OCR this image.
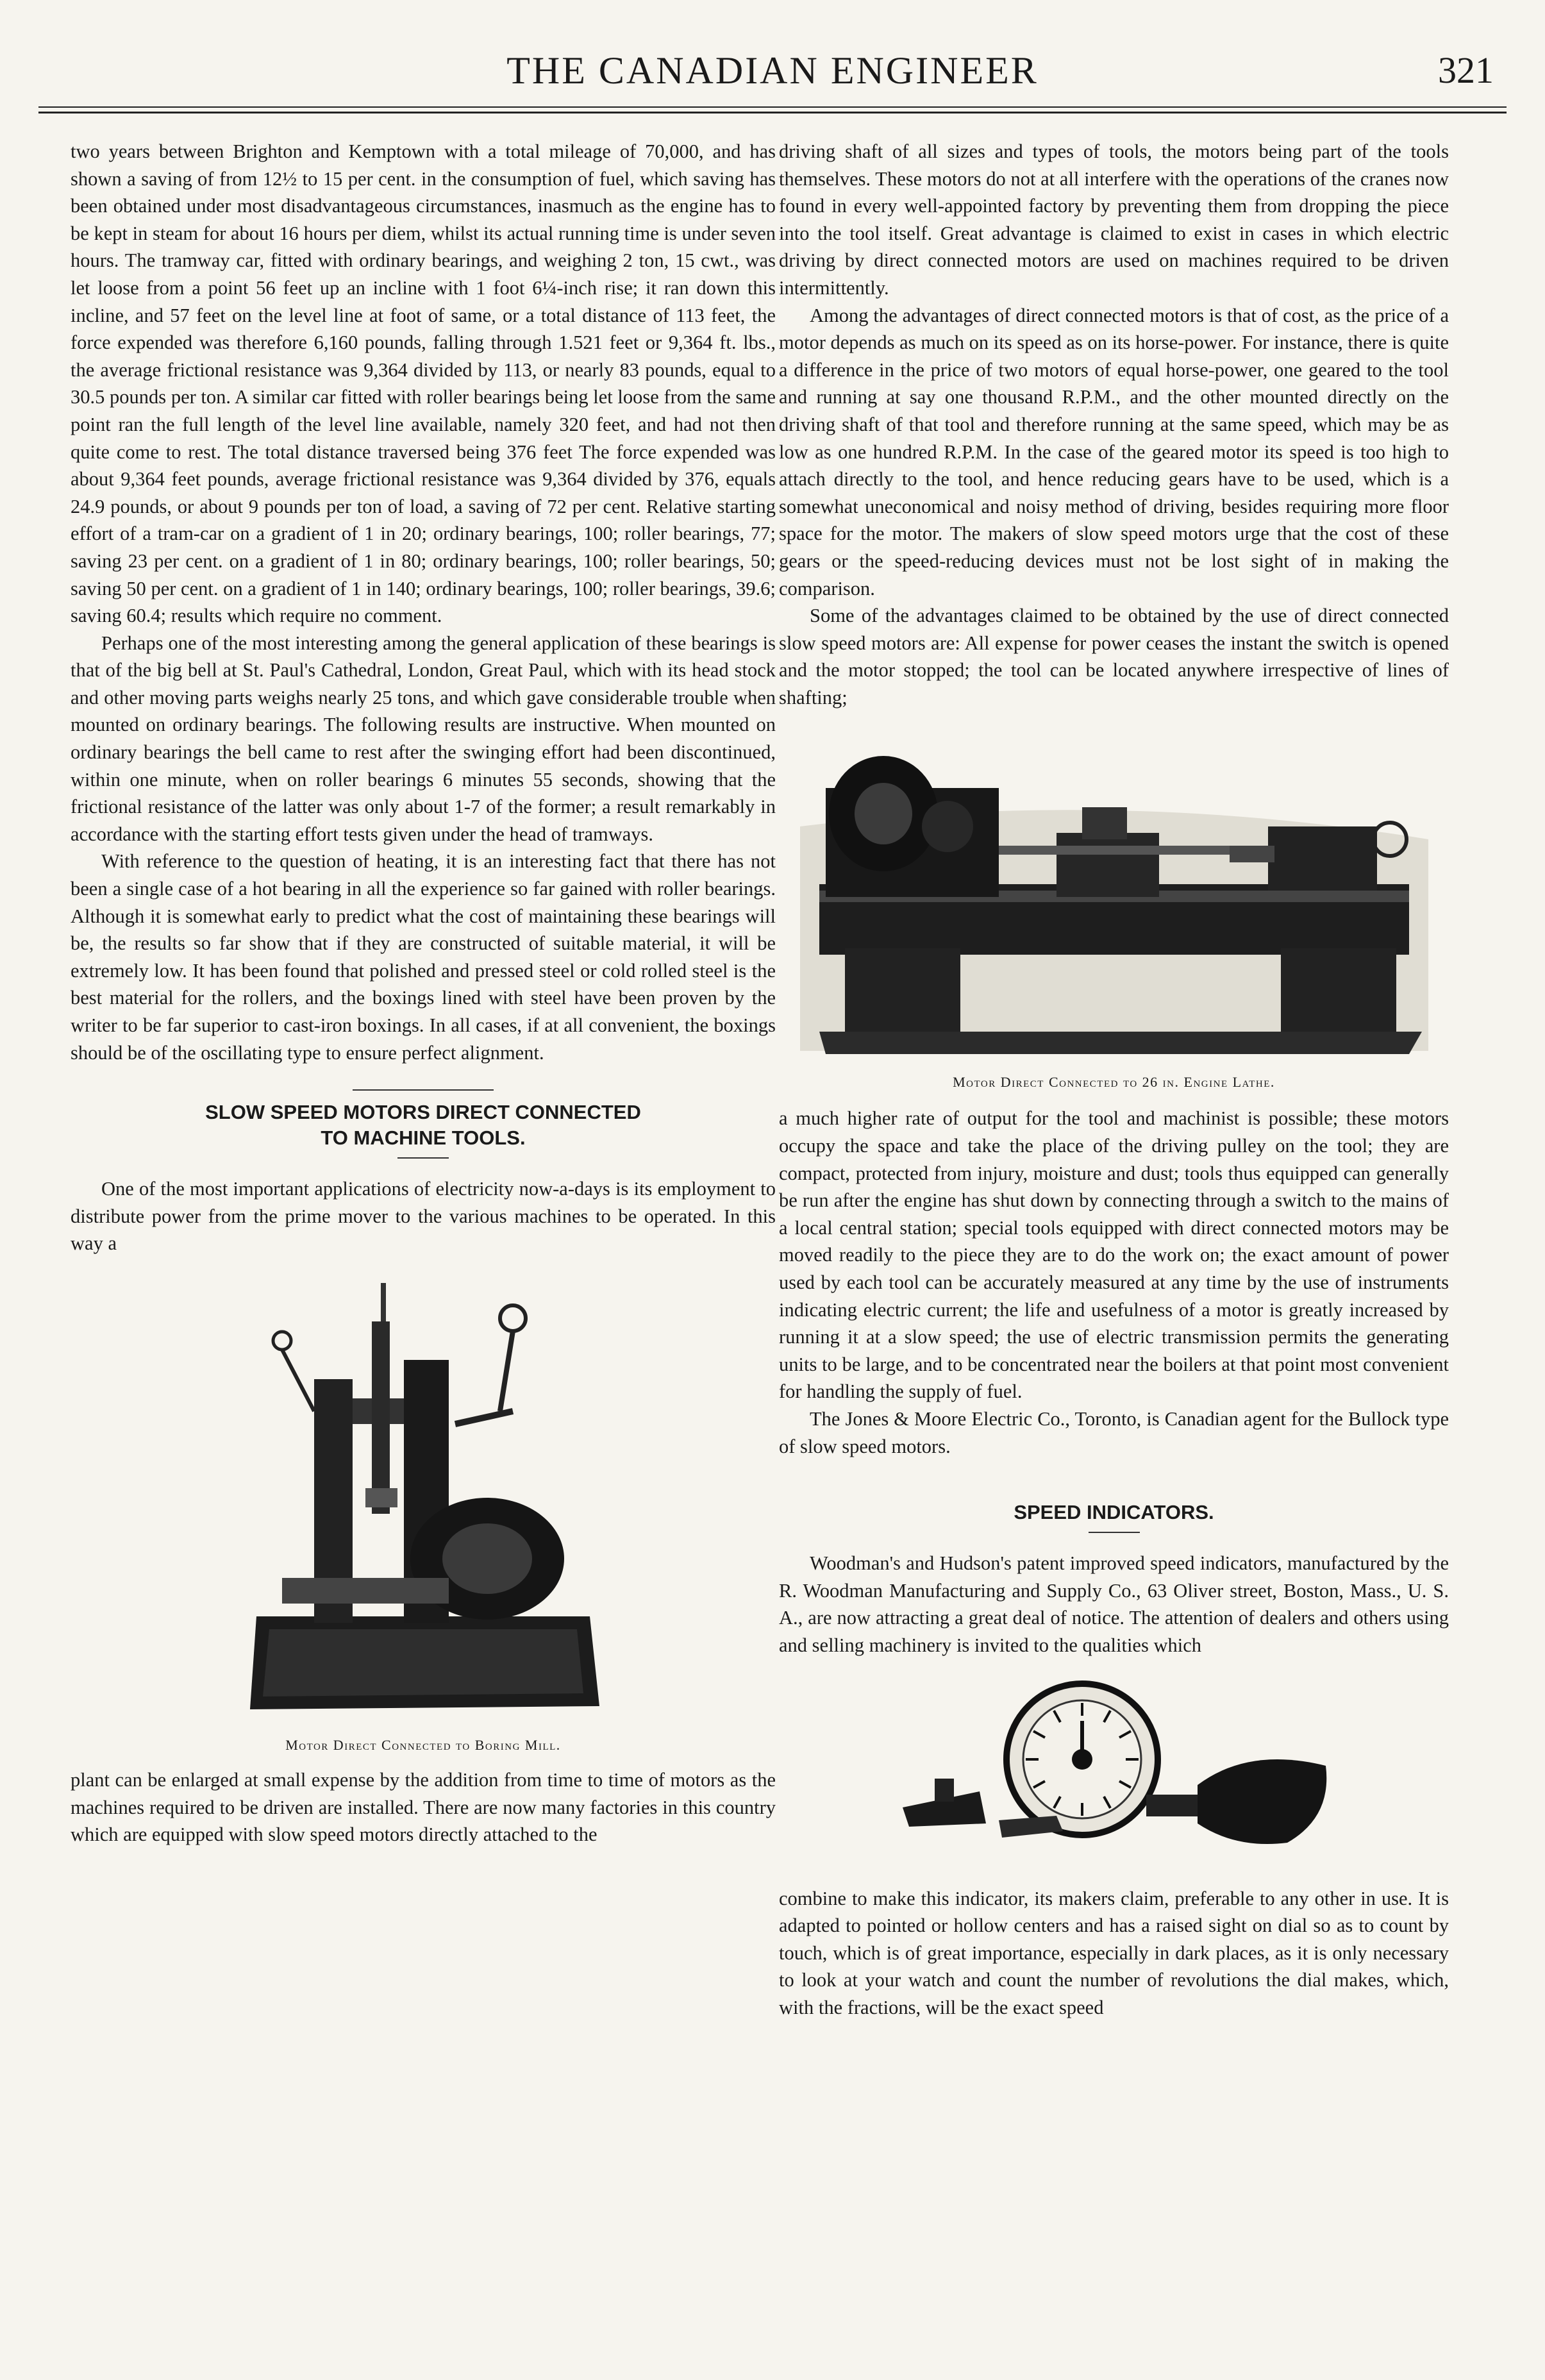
THE CANADIAN ENGINEER	321

two years between Brighton and Kemptown with a total mileage of 70,000, and has shown a saving of from 12½ to 15 per cent. in the consumption of fuel, which saving has been obtained under most disadvantageous circumstances, inasmuch as the engine has to be kept in steam for about 16 hours per diem, whilst its actual running time is under seven hours. The tramway car, fitted with ordinary bearings, and weighing 2 ton, 15 cwt., was let loose from a point 56 feet up an incline with 1 foot 6¼-inch rise; it ran down this incline, and 57 feet on the level line at foot of same, or a total distance of 113 feet, the force expended was therefore 6,160 pounds, falling through 1.521 feet or 9,364 ft. lbs., the average frictional resistance was 9,364 divided by 113, or nearly 83 pounds, equal to 30.5 pounds per ton. A similar car fitted with roller bearings being let loose from the same point ran the full length of the level line available, namely 320 feet, and had not then quite come to rest. The total distance traversed being 376 feet The force expended was about 9,364 feet pounds, average frictional resistance was 9,364 divided by 376, equals 24.9 pounds, or about 9 pounds per ton of load, a saving of 72 per cent. Relative starting effort of a tram-car on a gradient of 1 in 20; ordinary bearings, 100; roller bearings, 77; saving 23 per cent. on a gradient of 1 in 80; ordinary bearings, 100; roller bearings, 50; saving 50 per cent. on a gradient of 1 in 140; ordinary bearings, 100; roller bearings, 39.6; saving 60.4; results which require no comment.

Perhaps one of the most interesting among the general application of these bearings is that of the big bell at St. Paul's Cathedral, London, Great Paul, which with its head stock and other moving parts weighs nearly 25 tons, and which gave considerable trouble when mounted on ordinary bearings. The following results are instructive. When mounted on ordinary bearings the bell came to rest after the swinging effort had been discontinued, within one minute, when on roller bearings 6 minutes 55 seconds, showing that the frictional resistance of the latter was only about 1-7 of the former; a result remarkably in accordance with the starting effort tests given under the head of tramways.

With reference to the question of heating, it is an interesting fact that there has not been a single case of a hot bearing in all the experience so far gained with roller bearings. Although it is somewhat early to predict what the cost of maintaining these bearings will be, the results so far show that if they are constructed of suitable material, it will be extremely low. It has been found that polished and pressed steel or cold rolled steel is the best material for the rollers, and the boxings lined with steel have been proven by the writer to be far superior to cast-iron boxings. In all cases, if at all convenient, the boxings should be of the oscillating type to ensure perfect alignment.

SLOW SPEED MOTORS DIRECT CONNECTED
TO MACHINE TOOLS.

One of the most important applications of electricity now-a-days is its employment to distribute power from the prime mover to the various machines to be operated. In this way a

Motor Direct Connected to Boring Mill.

plant can be enlarged at small expense by the addition from time to time of motors as the machines required to be driven are installed. There are now many factories in this country which are equipped with slow speed motors directly attached to the

driving shaft of all sizes and types of tools, the motors being part of the tools themselves. These motors do not at all interfere with the operations of the cranes now found in every well-appointed factory by preventing them from dropping the piece into the tool itself. Great advantage is claimed to exist in cases in which electric driving by direct connected motors are used on machines required to be driven intermittently.

Among the advantages of direct connected motors is that of cost, as the price of a motor depends as much on its speed as on its horse-power. For instance, there is quite a difference in the price of two motors of equal horse-power, one geared to the tool and running at say one thousand R.P.M., and the other mounted directly on the driving shaft of that tool and therefore running at the same speed, which may be as low as one hundred R.P.M. In the case of the geared motor its speed is too high to attach directly to the tool, and hence reducing gears have to be used, which is a somewhat uneconomical and noisy method of driving, besides requiring more floor space for the motor. The makers of slow speed motors urge that the cost of these gears or the speed-reducing devices must not be lost sight of in making the comparison.

Some of the advantages claimed to be obtained by the use of direct connected slow speed motors are: All expense for power ceases the instant the switch is opened and the motor stopped; the tool can be located anywhere irrespective of lines of shafting;

Motor Direct Connected to 26 in. Engine Lathe.

a much higher rate of output for the tool and machinist is possible; these motors occupy the space and take the place of the driving pulley on the tool; they are compact, protected from injury, moisture and dust; tools thus equipped can generally be run after the engine has shut down by connecting through a switch to the mains of a local central station; special tools equipped with direct connected motors may be moved readily to the piece they are to do the work on; the exact amount of power used by each tool can be accurately measured at any time by the use of instruments indicating electric current; the life and usefulness of a motor is greatly increased by running it at a slow speed; the use of electric transmission permits the generating units to be large, and to be concentrated near the boilers at that point most convenient for handling the supply of fuel.

The Jones & Moore Electric Co., Toronto, is Canadian agent for the Bullock type of slow speed motors.

SPEED INDICATORS.

Woodman's and Hudson's patent improved speed indicators, manufactured by the R. Woodman Manufacturing and Supply Co., 63 Oliver street, Boston, Mass., U. S. A., are now attracting a great deal of notice. The attention of dealers and others using and selling machinery is invited to the qualities which

combine to make this indicator, its makers claim, preferable to any other in use. It is adapted to pointed or hollow centers and has a raised sight on dial so as to count by touch, which is of great importance, especially in dark places, as it is only necessary to look at your watch and count the number of revolutions the dial makes, which, with the fractions, will be the exact speed
